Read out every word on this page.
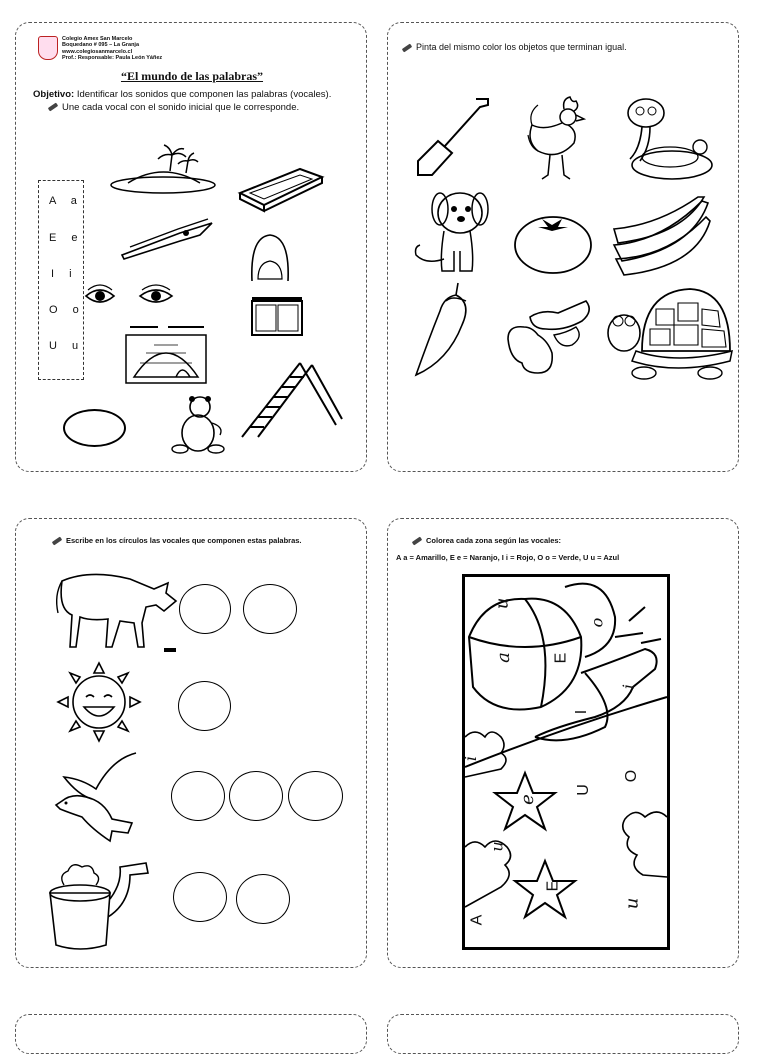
Colegio Amex San Marcelo
Boquedano # 095 – La Granja
www.colegiosanmarcelo.cl
Prof.: Responsable: Paula León Yáñez
“El mundo de las palabras”
Objetivo: Identificar los sonidos que componen las palabras (vocales).
Une cada vocal con el sonido inicial que le corresponde.
A a
E e
I i
O o
U u
Pinta del mismo color los objetos que terminan igual.
Escribe en los círculos las vocales que componen estas palabras.	Colorea cada zona según las vocales:
A a = Amarillo, E e = Naranjo, I i = Rojo, O o = Verde, U u = Azul
u
a E
o
i
I
i
e
U
O
u
E
A
u
